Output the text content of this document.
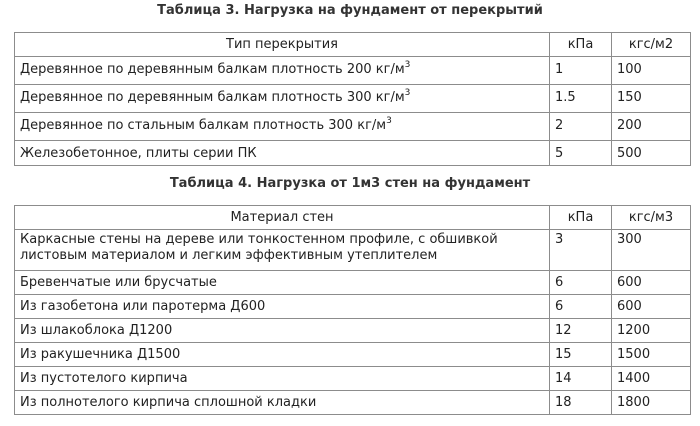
Таблица 3. Нагрузка на фундамент от перекрытий
Тип перекрытия	кПа	кгс/м2
Деревянное по деревянным балкам плотность 200 $кг/м^3$	1	100
Деревянное по деревянным балкам плотность 300 $кг/м^3$	1.5	150
Деревянное по стальным балкам плотность 300 $кг/м^3$	2	200
Железобетонное, плиты серии ПК	5	500
Таблица 4. Нагрузка от 1м3 стен на фундамент
Материал стен	кПа	кгс/м3

Каркасные стены на дереве или тонкостенном профиле, с обшивкой
листовым материалом и легким эффективным утеплителем	3	300
Бревенчатые или брусчатые	6	600
Из газобетона или паротерма Д600	6	600
Из шлакоблока Д1200	12	1200
Из ракушечника Д1500	15	1500
Из пустотелого кирпича	14	1400
Из полнотелого кирпича сплошной кладки	18	1800
